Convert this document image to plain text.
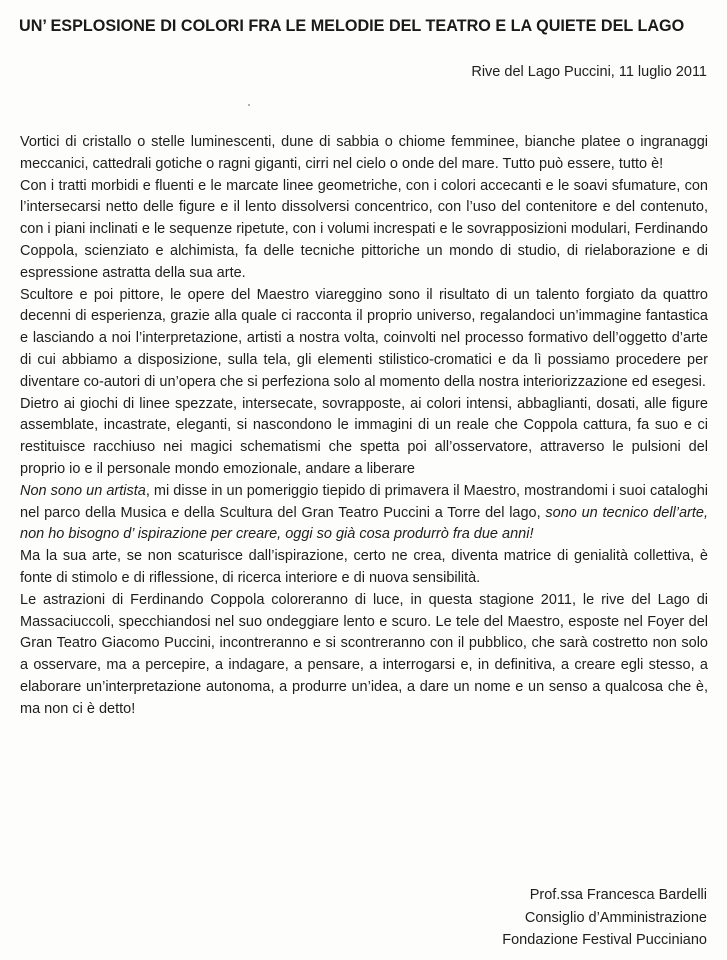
UN’ ESPLOSIONE DI COLORI FRA LE MELODIE DEL TEATRO E LA QUIETE DEL LAGO

Rive del Lago Puccini, 11 luglio 2011

Vortici di cristallo o stelle luminescenti, dune di sabbia o chiome femminee, bianche platee o ingranaggi meccanici, cattedrali gotiche o ragni giganti, cirri nel cielo o onde del mare. Tutto può essere, tutto è!

Con i tratti morbidi e fluenti e le marcate linee geometriche, con i colori accecanti e le soavi sfumature, con l’intersecarsi netto delle figure e il lento dissolversi concentrico, con l’uso del contenitore e del contenuto, con i piani inclinati e le sequenze ripetute, con i volumi increspati e le sovrapposizioni modulari, Ferdinando Coppola, scienziato e alchimista, fa delle tecniche pittoriche un mondo di studio, di rielaborazione e di espressione astratta della sua arte.

Scultore e poi pittore, le opere del Maestro viareggino sono il risultato di un talento forgiato da quattro decenni di esperienza, grazie alla quale ci racconta il proprio universo, regalandoci un’immagine fantastica e lasciando a noi l’interpretazione, artisti a nostra volta, coinvolti nel processo formativo dell’oggetto d’arte di cui abbiamo a disposizione, sulla tela, gli elementi stilistico-cromatici e da lì possiamo procedere per diventare co-autori di un’opera che si perfeziona solo al momento della nostra interiorizzazione ed esegesi.

Dietro ai giochi di linee spezzate, intersecate, sovrapposte, ai colori intensi, abbaglianti, dosati, alle figure assemblate, incastrate, eleganti, si nascondono le immagini di un reale che Coppola cattura, fa suo e ci restituisce racchiuso nei magici schematismi che spetta poi all’osservatore, attraverso le pulsioni del proprio io e il personale mondo emozionale, andare a liberare

Non sono un artista, mi disse in un pomeriggio tiepido di primavera il Maestro, mostrandomi i suoi cataloghi nel parco della Musica e della Scultura del Gran Teatro Puccini a Torre del lago, sono un tecnico dell’arte, non ho bisogno d’ ispirazione per creare, oggi so già cosa produrrò fra due anni!

Ma la sua arte, se non scaturisce dall’ispirazione, certo ne crea, diventa matrice di genialità collettiva, è fonte di stimolo e di riflessione, di ricerca interiore e di nuova sensibilità.

Le astrazioni di Ferdinando Coppola coloreranno di luce, in questa stagione 2011, le rive del Lago di Massaciuccoli, specchiandosi nel suo ondeggiare lento e scuro. Le tele del Maestro, esposte nel Foyer del Gran Teatro Giacomo Puccini, incontreranno e si scontreranno con il pubblico, che sarà costretto non solo a osservare, ma a percepire, a indagare, a pensare, a interrogarsi e, in definitiva, a creare egli stesso, a elaborare un’interpretazione autonoma, a produrre un’idea, a dare un nome e un senso a qualcosa che è, ma non ci è detto!

Prof.ssa Francesca Bardelli
Consiglio d’Amministrazione
Fondazione Festival Pucciniano
